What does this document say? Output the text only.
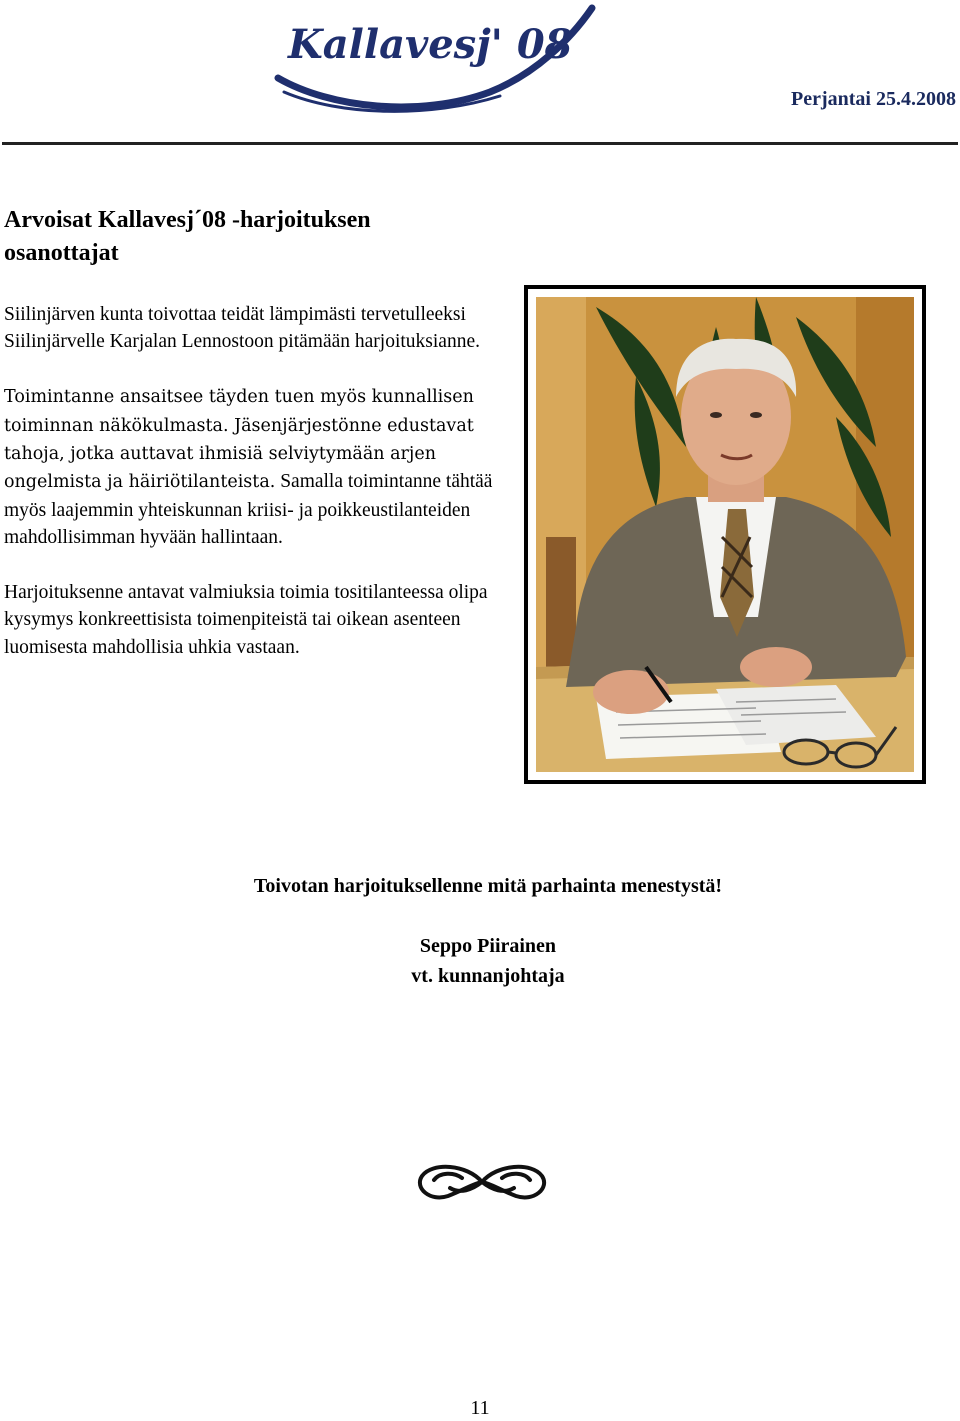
Kallavesj' 08
Perjantai 25.4.2008
Arvoisat Kallavesj´08 -harjoituksen osanottajat

Siilinjärven kunta toivottaa teidät lämpimästi tervetulleeksi Siilinjärvelle Karjalan Lennostoon pitämään harjoituksianne.

Toimintanne ansaitsee täyden tuen myös kunnallisen toiminnan näkökulmasta. Jäsenjärjestönne edustavat tahoja, jotka auttavat ihmisiä selviytymään arjen ongelmista ja häiriötilanteista. Samalla toimintanne tähtää myös laajemmin yhteiskunnan kriisi- ja poikkeustilanteiden mahdollisimman hyvään hallintaan.

Harjoituksenne antavat valmiuksia toimia tositilanteessa olipa kysymys konkreettisista toimenpiteistä tai oikean asenteen luomisesta mahdollisia uhkia vastaan.

Toivotan harjoituksellenne mitä parhainta menestystä!
Seppo Piirainen
vt. kunnanjohtaja
11
